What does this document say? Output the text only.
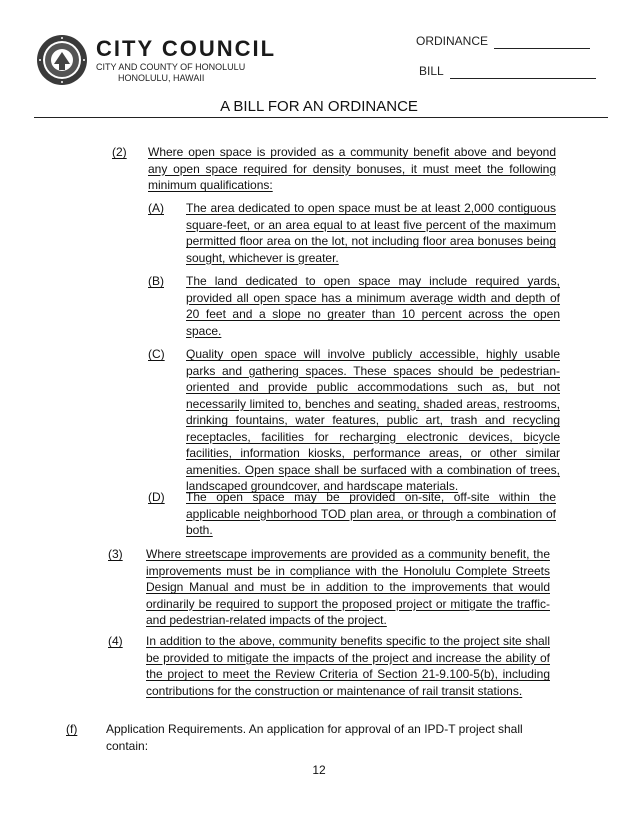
CITY COUNCIL
CITY AND COUNTY OF HONOLULU
HONOLULU, HAWAII
ORDINANCE
BILL
A BILL FOR AN ORDINANCE
(2) Where open space is provided as a community benefit above and beyond any open space required for density bonuses, it must meet the following minimum qualifications:
(A) The area dedicated to open space must be at least 2,000 contiguous square-feet, or an area equal to at least five percent of the maximum permitted floor area on the lot, not including floor area bonuses being sought, whichever is greater.
(B) The land dedicated to open space may include required yards, provided all open space has a minimum average width and depth of 20 feet and a slope no greater than 10 percent across the open space.
(C) Quality open space will involve publicly accessible, highly usable parks and gathering spaces. These spaces should be pedestrian-oriented and provide public accommodations such as, but not necessarily limited to, benches and seating, shaded areas, restrooms, drinking fountains, water features, public art, trash and recycling receptacles, facilities for recharging electronic devices, bicycle facilities, information kiosks, performance areas, or other similar amenities. Open space shall be surfaced with a combination of trees, landscaped groundcover, and hardscape materials.
(D) The open space may be provided on-site, off-site within the applicable neighborhood TOD plan area, or through a combination of both.
(3) Where streetscape improvements are provided as a community benefit, the improvements must be in compliance with the Honolulu Complete Streets Design Manual and must be in addition to the improvements that would ordinarily be required to support the proposed project or mitigate the traffic- and pedestrian-related impacts of the project.
(4) In addition to the above, community benefits specific to the project site shall be provided to mitigate the impacts of the project and increase the ability of the project to meet the Review Criteria of Section 21-9.100-5(b), including contributions for the construction or maintenance of rail transit stations.
(f) Application Requirements. An application for approval of an IPD-T project shall contain:
12
